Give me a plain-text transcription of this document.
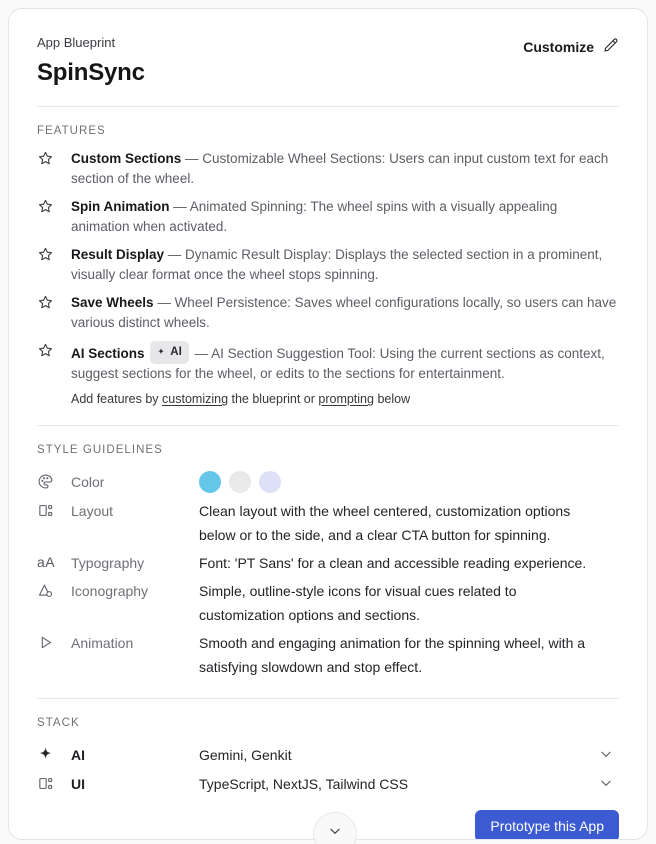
App Blueprint
SpinSync
Customize
FEATURES

Custom Sections — Customizable Wheel Sections: Users can input custom text for each section of the wheel.

Spin Animation — Animated Spinning: The wheel spins with a visually appealing animation when activated.

Result Display — Dynamic Result Display: Displays the selected section in a prominent, visually clear format once the wheel stops spinning.

Save Wheels — Wheel Persistence: Saves wheel configurations locally, so users can have various distinct wheels.

AI Sections AI — AI Section Suggestion Tool: Using the current sections as context, suggest sections for the wheel, or edits to the sections for entertainment.

Add features by customizing the blueprint or prompting below

STYLE GUIDELINES
Color
Layout	Clean layout with the wheel centered, customization options below or to the side, and a clear CTA button for spinning.
aA	Typography	Font: 'PT Sans' for a clean and accessible reading experience.
Iconography	Simple, outline-style icons for visual cues related to customization options and sections.
Animation	Smooth and engaging animation for the spinning wheel, with a satisfying slowdown and stop effect.
STACK
AI	Gemini, Genkit
UI	TypeScript, NextJS, Tailwind CSS
Prototype this App
